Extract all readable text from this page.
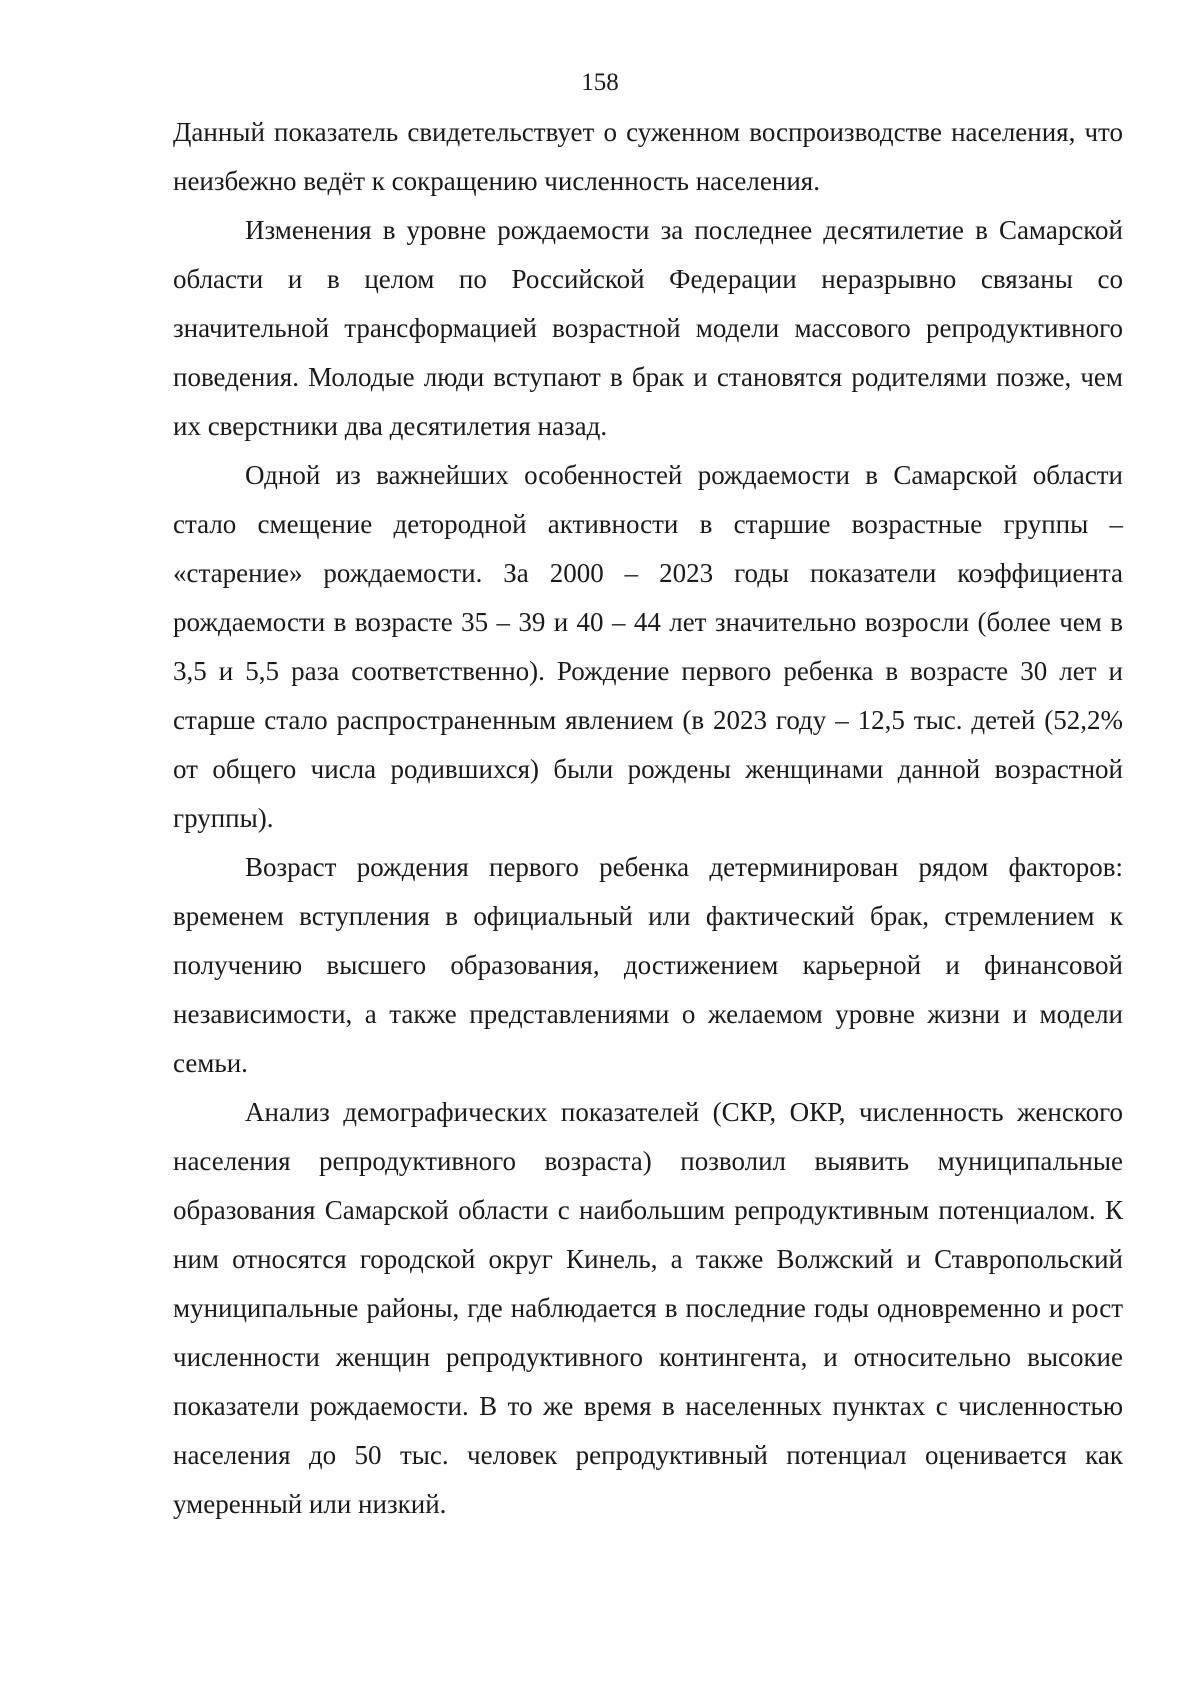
158

Данный показатель свидетельствует о суженном воспроизводстве населения, что неизбежно ведёт к сокращению численность населения.

Изменения в уровне рождаемости за последнее десятилетие в Самарской области и в целом по Российской Федерации неразрывно связаны со значительной трансформацией возрастной модели массового репродуктивного поведения. Молодые люди вступают в брак и становятся родителями позже, чем их сверстники два десятилетия назад.

Одной из важнейших особенностей рождаемости в Самарской области стало смещение детородной активности в старшие возрастные группы – «старение» рождаемости. За 2000 – 2023 годы показатели коэффициента рождаемости в возрасте 35 – 39 и 40 – 44 лет значительно возросли (более чем в 3,5 и 5,5 раза соответственно). Рождение первого ребенка в возрасте 30 лет и старше стало распространенным явлением (в 2023 году – 12,5 тыс. детей (52,2% от общего числа родившихся) были рождены женщинами данной возрастной группы).

Возраст рождения первого ребенка детерминирован рядом факторов: временем вступления в официальный или фактический брак, стремлением к получению высшего образования, достижением карьерной и финансовой независимости, а также представлениями о желаемом уровне жизни и модели семьи.

Анализ демографических показателей (СКР, ОКР, численность женского населения репродуктивного возраста) позволил выявить муниципальные образования Самарской области с наибольшим репродуктивным потенциалом. К ним относятся городской округ Кинель, а также Волжский и Ставропольский муниципальные районы, где наблюдается в последние годы одновременно и рост численности женщин репродуктивного контингента, и относительно высокие показатели рождаемости. В то же время в населенных пунктах с численностью населения до 50 тыс. человек репродуктивный потенциал оценивается как умеренный или низкий.
